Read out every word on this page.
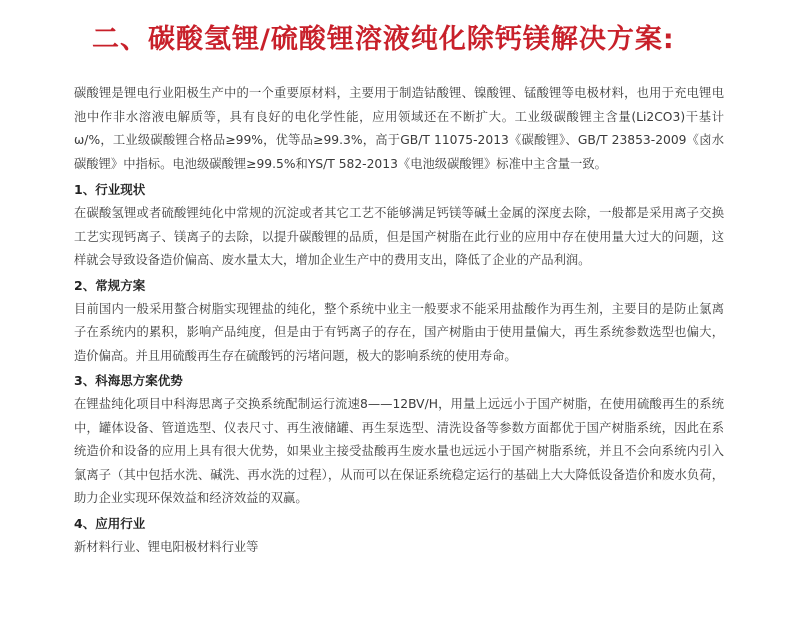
二、碳酸氢锂/硫酸锂溶液纯化除钙镁解决方案:

碳酸锂是锂电行业阳极生产中的一个重要原材料，主要用于制造钴酸锂、镍酸锂、锰酸锂等电极材料，也用于充电锂电池中作非水溶液电解质等，具有良好的电化学性能，应用领域还在不断扩大。工业级碳酸锂主含量(Li2CO3)干基计ω/%，工业级碳酸锂合格品≥99%，优等品≥99.3%，高于GB/T 11075-2013《碳酸锂》、GB/T 23853-2009《卤水碳酸锂》中指标。电池级碳酸锂≥99.5%和YS/T 582-2013《电池级碳酸锂》标准中主含量一致。

1、行业现状

在碳酸氢锂或者硫酸锂纯化中常规的沉淀或者其它工艺不能够满足钙镁等碱土金属的深度去除，一般都是采用离子交换工艺实现钙离子、镁离子的去除，以提升碳酸锂的品质，但是国产树脂在此行业的应用中存在使用量大过大的问题，这样就会导致设备造价偏高、废水量太大，增加企业生产中的费用支出，降低了企业的产品利润。

2、常规方案

目前国内一般采用螯合树脂实现锂盐的纯化，整个系统中业主一般要求不能采用盐酸作为再生剂，主要目的是防止氯离子在系统内的累积，影响产品纯度，但是由于有钙离子的存在，国产树脂由于使用量偏大，再生系统参数选型也偏大，造价偏高。并且用硫酸再生存在硫酸钙的污堵问题，极大的影响系统的使用寿命。

3、科海思方案优势

在锂盐纯化项目中科海思离子交换系统配制运行流速8——12BV/H，用量上远远小于国产树脂，在使用硫酸再生的系统中，罐体设备、管道选型、仪表尺寸、再生液储罐、再生泵选型、清洗设备等参数方面都优于国产树脂系统，因此在系统造价和设备的应用上具有很大优势，如果业主接受盐酸再生废水量也远远小于国产树脂系统，并且不会向系统内引入氯离子（其中包括水洗、碱洗、再水洗的过程），从而可以在保证系统稳定运行的基础上大大降低设备造价和废水负荷，助力企业实现环保效益和经济效益的双赢。

4、应用行业

新材料行业、锂电阳极材料行业等
